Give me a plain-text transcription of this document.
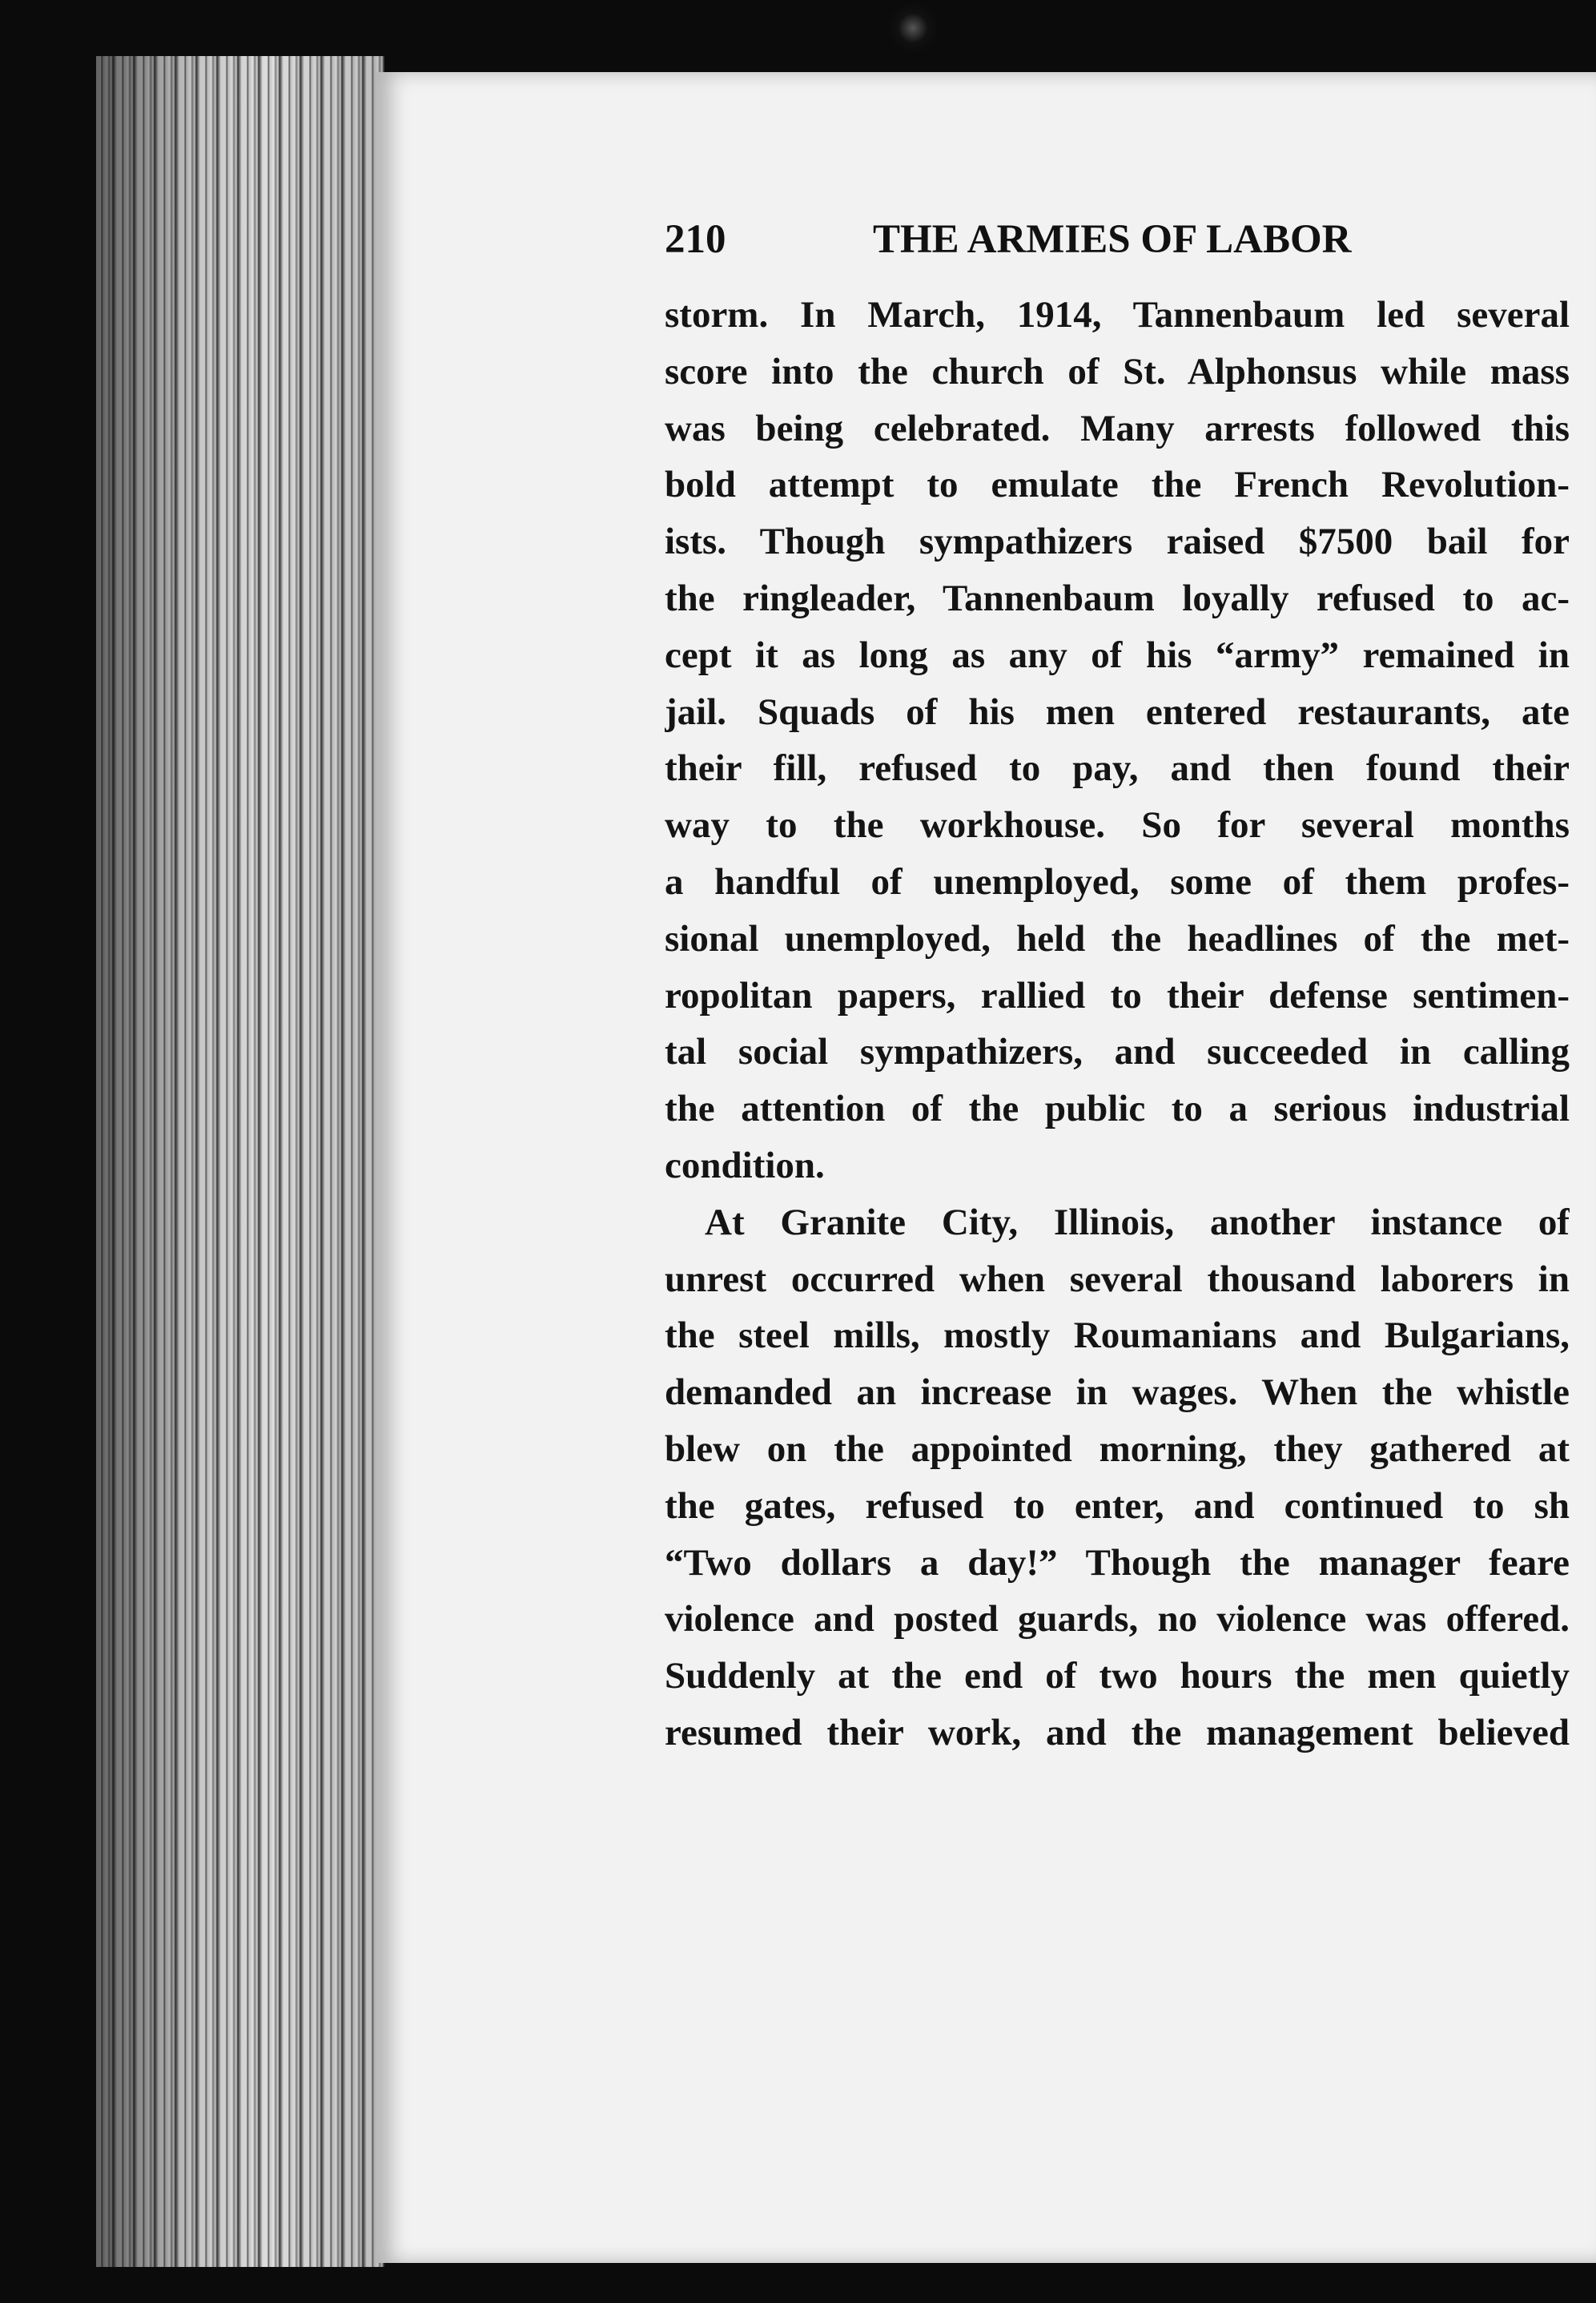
210	THE ARMIES OF LABOR
storm. In March, 1914, Tannenbaum led several
score into the church of St. Alphonsus while mass
was being celebrated. Many arrests followed this
bold attempt to emulate the French Revolution-
ists. Though sympathizers raised $7500 bail for
the ringleader, Tannenbaum loyally refused to ac-
cept it as long as any of his “army” remained in
jail. Squads of his men entered restaurants, ate
their fill, refused to pay, and then found their
way to the workhouse. So for several months
a handful of unemployed, some of them profes-
sional unemployed, held the headlines of the met-
ropolitan papers, rallied to their defense sentimen-
tal social sympathizers, and succeeded in calling
the attention of the public to a serious industrial
condition.
At Granite City, Illinois, another instance of
unrest occurred when several thousand laborers in
the steel mills, mostly Roumanians and Bulgarians,
demanded an increase in wages. When the whistle
blew on the appointed morning, they gathered at
the gates, refused to enter, and continued to sh
“Two dollars a day!” Though the manager feare
violence and posted guards, no violence was offered.
Suddenly at the end of two hours the men quietly
resumed their work, and the management believed
